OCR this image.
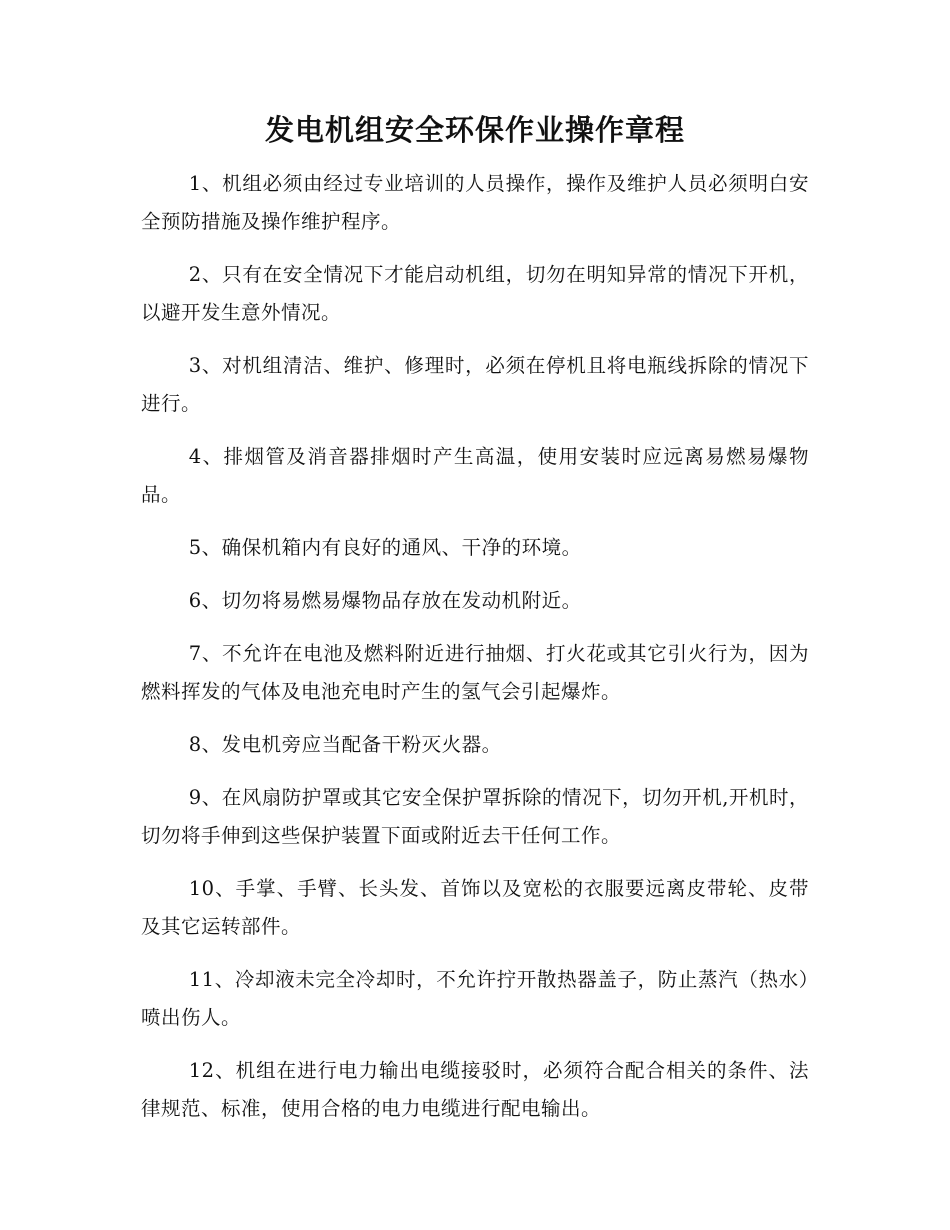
发电机组安全环保作业操作章程

1、机组必须由经过专业培训的人员操作，操作及维护人员必须明白安全预防措施及操作维护程序。

2、只有在安全情况下才能启动机组，切勿在明知异常的情况下开机，以避开发生意外情况。

3、对机组清洁、维护、修理时，必须在停机且将电瓶线拆除的情况下进行。

4、排烟管及消音器排烟时产生高温，使用安装时应远离易燃易爆物品。

5、确保机箱内有良好的通风、干净的环境。

6、切勿将易燃易爆物品存放在发动机附近。

7、不允许在电池及燃料附近进行抽烟、打火花或其它引火行为，因为燃料挥发的气体及电池充电时产生的氢气会引起爆炸。

8、发电机旁应当配备干粉灭火器。

9、在风扇防护罩或其它安全保护罩拆除的情况下，切勿开机,开机时，切勿将手伸到这些保护装置下面或附近去干任何工作。

10、手掌、手臂、长头发、首饰以及宽松的衣服要远离皮带轮、皮带及其它运转部件。

11、冷却液未完全冷却时，不允许拧开散热器盖子，防止蒸汽（热水）喷出伤人。

12、机组在进行电力输出电缆接驳时，必须符合配合相关的条件、法律规范、标准，使用合格的电力电缆进行配电输出。
